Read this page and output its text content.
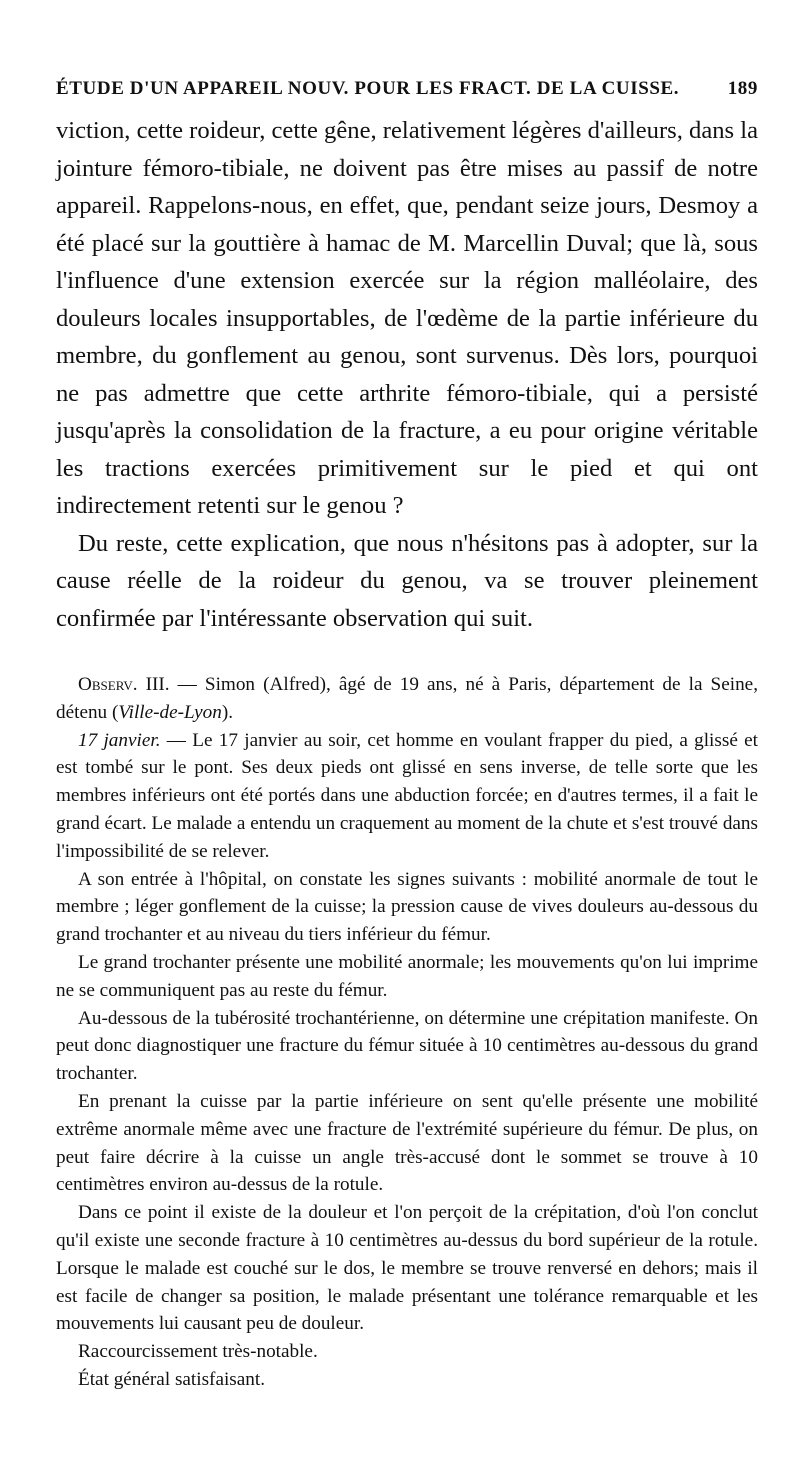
ÉTUDE D'UN APPAREIL NOUV. POUR LES FRACT. DE LA CUISSE.	189

viction, cette roideur, cette gêne, relativement légères d'ailleurs, dans la jointure fémoro-tibiale, ne doivent pas être mises au passif de notre appareil. Rappelons-nous, en effet, que, pendant seize jours, Desmoy a été placé sur la gouttière à hamac de M. Marcellin Duval; que là, sous l'influence d'une extension exercée sur la région malléolaire, des douleurs locales insupportables, de l'œdème de la partie inférieure du membre, du gonflement au genou, sont survenus. Dès lors, pourquoi ne pas admettre que cette arthrite fémoro-tibiale, qui a persisté jusqu'après la consolidation de la fracture, a eu pour origine véritable les tractions exercées primitivement sur le pied et qui ont indirectement retenti sur le genou ?

Du reste, cette explication, que nous n'hésitons pas à adopter, sur la cause réelle de la roideur du genou, va se trouver pleinement confirmée par l'intéressante observation qui suit.

Observ. III. — Simon (Alfred), âgé de 19 ans, né à Paris, département de la Seine, détenu (Ville-de-Lyon).

17 janvier. — Le 17 janvier au soir, cet homme en voulant frapper du pied, a glissé et est tombé sur le pont. Ses deux pieds ont glissé en sens inverse, de telle sorte que les membres inférieurs ont été portés dans une abduction forcée; en d'autres termes, il a fait le grand écart. Le malade a entendu un craquement au moment de la chute et s'est trouvé dans l'impossibilité de se relever.

A son entrée à l'hôpital, on constate les signes suivants : mobilité anormale de tout le membre ; léger gonflement de la cuisse; la pression cause de vives douleurs au-dessous du grand trochanter et au niveau du tiers inférieur du fémur.

Le grand trochanter présente une mobilité anormale; les mouvements qu'on lui imprime ne se communiquent pas au reste du fémur.

Au-dessous de la tubérosité trochantérienne, on détermine une crépitation manifeste. On peut donc diagnostiquer une fracture du fémur située à 10 centimètres au-dessous du grand trochanter.

En prenant la cuisse par la partie inférieure on sent qu'elle présente une mobilité extrême anormale même avec une fracture de l'extrémité supérieure du fémur. De plus, on peut faire décrire à la cuisse un angle très-accusé dont le sommet se trouve à 10 centimètres environ au-dessus de la rotule.

Dans ce point il existe de la douleur et l'on perçoit de la crépitation, d'où l'on conclut qu'il existe une seconde fracture à 10 centimètres au-dessus du bord supérieur de la rotule. Lorsque le malade est couché sur le dos, le membre se trouve renversé en dehors; mais il est facile de changer sa position, le malade présentant une tolérance remarquable et les mouvements lui causant peu de douleur.

Raccourcissement très-notable.

État général satisfaisant.
